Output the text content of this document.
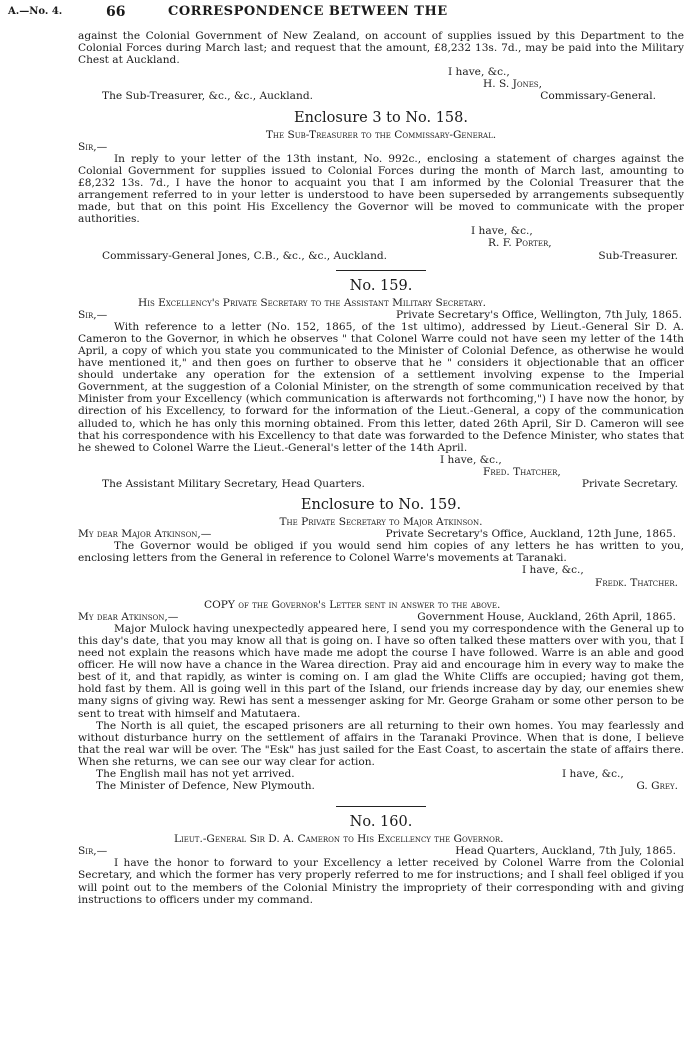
A.—No. 4.	66	CORRESPONDENCE BETWEEN THE

against the Colonial Government of New Zealand, on account of supplies issued by this Department to the Colonial Forces during March last; and request that the amount, £8,232 13s. 7d., may be paid into the Military Chest at Auckland.

I have, &c.,
H. S. Jones,
The Sub-Treasurer, &c., &c., Auckland.	Commissary-General.
Enclosure 3 to No. 158.

The Sub-Treasurer to the Commissary-General.

Sir,—

In reply to your letter of the 13th instant, No. 992c., enclosing a statement of charges against the Colonial Government for supplies issued to Colonial Forces during the month of March last, amounting to £8,232 13s. 7d., I have the honor to acquaint you that I am informed by the Colonial Treasurer that the arrangement referred to in your letter is understood to have been superseded by arrangements subsequently made, but that on this point His Excellency the Governor will be moved to communicate with the proper authorities.

I have, &c.,
R. F. Porter,
Commissary-General Jones, C.B., &c., &c., Auckland.	Sub-Treasurer.
No. 159.

His Excellency's Private Secretary to the Assistant Military Secretary.

Sir,—	Private Secretary's Office, Wellington, 7th July, 1865.

With reference to a letter (No. 152, 1865, of the 1st ultimo), addressed by Lieut.-General Sir D. A. Cameron to the Governor, in which he observes " that Colonel Warre could not have seen my letter of the 14th April, a copy of which you state you communicated to the Minister of Colonial Defence, as otherwise he would have mentioned it," and then goes on further to observe that he " considers it objectionable that an officer should undertake any operation for the extension of a settlement involving expense to the Imperial Government, at the suggestion of a Colonial Minister, on the strength of some communication received by that Minister from your Excellency (which communication is afterwards not forthcoming,") I have now the honor, by direction of his Excellency, to forward for the information of the Lieut.-General, a copy of the communication alluded to, which he has only this morning obtained. From this letter, dated 26th April, Sir D. Cameron will see that his correspondence with his Excellency to that date was forwarded to the Defence Minister, who states that he shewed to Colonel Warre the Lieut.-General's letter of the 14th April.

I have, &c.,
Fred. Thatcher,
The Assistant Military Secretary, Head Quarters.	Private Secretary.
Enclosure to No. 159.

The Private Secretary to Major Atkinson.

My dear Major Atkinson,—	Private Secretary's Office, Auckland, 12th June, 1865.

The Governor would be obliged if you would send him copies of any letters he has written to you, enclosing letters from the General in reference to Colonel Warre's movements at Taranaki.

I have, &c.,
Fredk. Thatcher.

COPY of the Governor's Letter sent in answer to the above.

My dear Atkinson,—	Government House, Auckland, 26th April, 1865.

Major Mulock having unexpectedly appeared here, I send you my correspondence with the General up to this day's date, that you may know all that is going on. I have so often talked these matters over with you, that I need not explain the reasons which have made me adopt the course I have followed. Warre is an able and good officer. He will now have a chance in the Warea direction. Pray aid and encourage him in every way to make the best of it, and that rapidly, as winter is coming on. I am glad the White Cliffs are occupied; having got them, hold fast by them. All is going well in this part of the Island, our friends increase day by day, our enemies shew many signs of giving way. Rewi has sent a messenger asking for Mr. George Graham or some other person to be sent to treat with himself and Matutaera.

The North is all quiet, the escaped prisoners are all returning to their own homes. You may fearlessly and without disturbance hurry on the settlement of affairs in the Taranaki Province. When that is done, I believe that the real war will be over. The "Esk" has just sailed for the East Coast, to ascertain the state of affairs there. When she returns, we can see our way clear for action.

The English mail has not yet arrived.	I have, &c.,
The Minister of Defence, New Plymouth.	G. Grey.
No. 160.

Lieut.-General Sir D. A. Cameron to His Excellency the Governor.

Sir,—	Head Quarters, Auckland, 7th July, 1865.

I have the honor to forward to your Excellency a letter received by Colonel Warre from the Colonial Secretary, and which the former has very properly referred to me for instructions; and I shall feel obliged if you will point out to the members of the Colonial Ministry the impropriety of their corresponding with and giving instructions to officers under my command.
